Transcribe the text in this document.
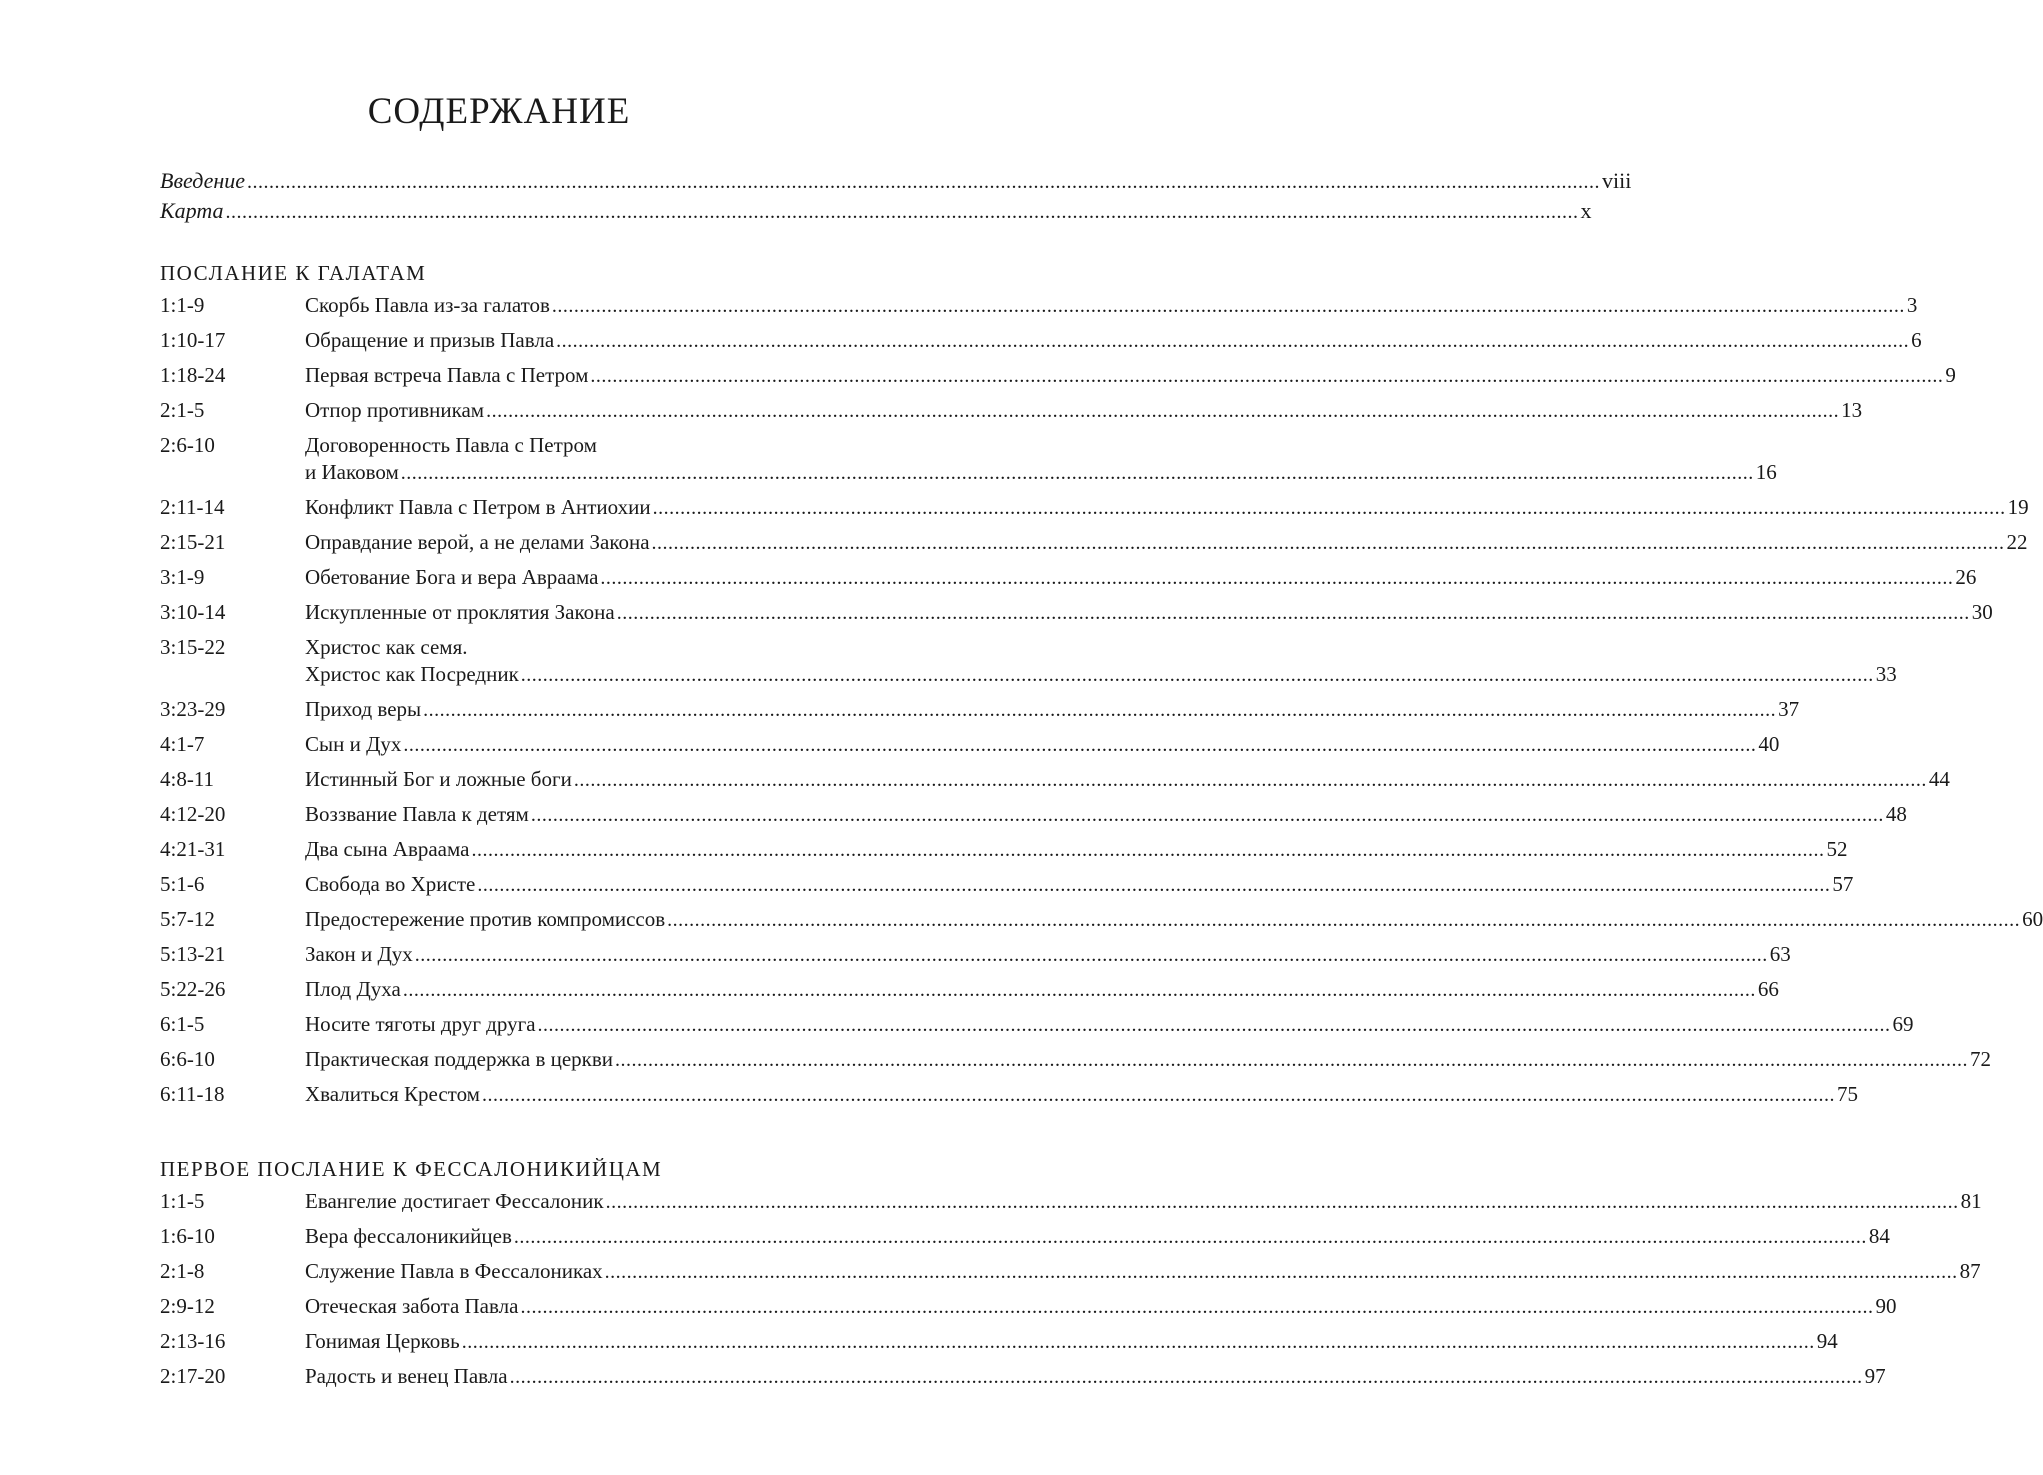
СОДЕРЖАНИЕ
Введение .....	viii
Карта .....	x
ПОСЛАНИЕ К ГАЛАТАМ
1:1-9	Скорбь Павла из-за галатов .....	3
1:10-17	Обращение и призыв Павла .....	6
1:18-24	Первая встреча Павла с Петром .....	9
2:1-5	Отпор противникам .....	13
2:6-10	Договоренность Павла с Петром
и Иаковом .....	16
2:11-14	Конфликт Павла с Петром в Антиохии .....	19
2:15-21	Оправдание верой, а не делами Закона .....	22
3:1-9	Обетование Бога и вера Авраама .....	26
3:10-14	Искупленные от проклятия Закона .....	30
3:15-22	Христос как семя.
Христос как Посредник .....	33
3:23-29	Приход веры .....	37
4:1-7	Сын и Дух .....	40
4:8-11	Истинный Бог и ложные боги .....	44
4:12-20	Воззвание Павла к детям .....	48
4:21-31	Два сына Авраама .....	52
5:1-6	Свобода во Христе .....	57
5:7-12	Предостережение против компромиссов .....	60
5:13-21	Закон и Дух .....	63
5:22-26	Плод Духа .....	66
6:1-5	Носите тяготы друг друга .....	69
6:6-10	Практическая поддержка в церкви .....	72
6:11-18	Хвалиться Крестом .....	75
ПЕРВОЕ ПОСЛАНИЕ К ФЕССАЛОНИКИЙЦАМ
1:1-5	Евангелие достигает Фессалоник .....	81
1:6-10	Вера фессалоникийцев .....	84
2:1-8	Служение Павла в Фессалониках .....	87
2:9-12	Отеческая забота Павла .....	90
2:13-16	Гонимая Церковь .....	94
2:17-20	Радость и венец Павла .....	97
